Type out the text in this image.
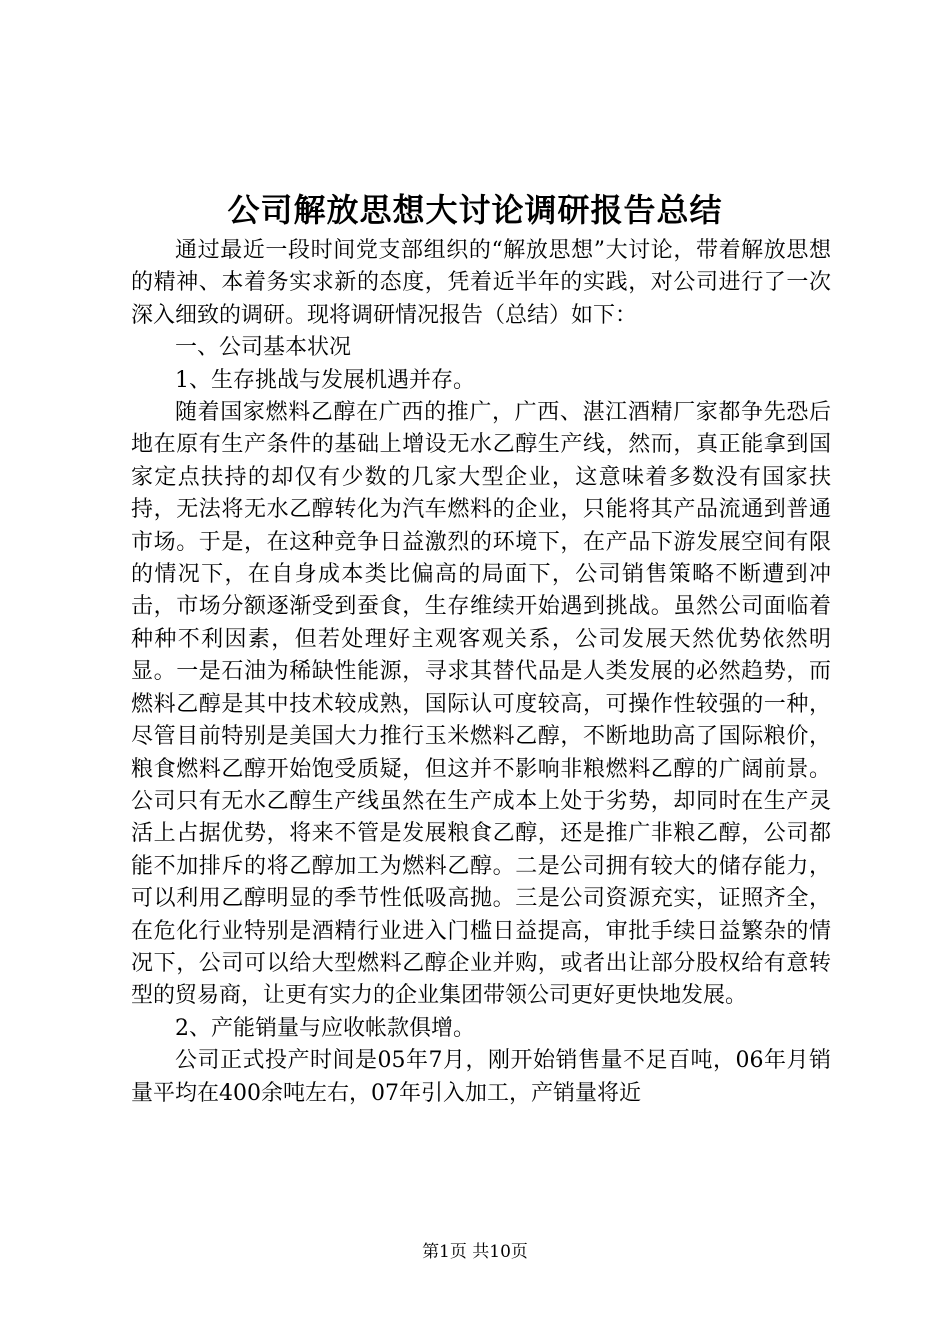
公司解放思想大讨论调研报告总结

通过最近一段时间党支部组织的“解放思想”大讨论，带着解放思想的精神、本着务实求新的态度，凭着近半年的实践，对公司进行了一次深入细致的调研。现将调研情况报告（总结）如下：

一、公司基本状况

1、生存挑战与发展机遇并存。

随着国家燃料乙醇在广西的推广，广西、湛江酒精厂家都争先恐后地在原有生产条件的基础上增设无水乙醇生产线，然而，真正能拿到国家定点扶持的却仅有少数的几家大型企业，这意味着多数没有国家扶持，无法将无水乙醇转化为汽车燃料的企业，只能将其产品流通到普通市场。于是，在这种竞争日益激烈的环境下，在产品下游发展空间有限的情况下，在自身成本类比偏高的局面下，公司销售策略不断遭到冲击，市场分额逐渐受到蚕食，生存维续开始遇到挑战。虽然公司面临着种种不利因素，但若处理好主观客观关系，公司发展天然优势依然明显。一是石油为稀缺性能源，寻求其替代品是人类发展的必然趋势，而燃料乙醇是其中技术较成熟，国际认可度较高，可操作性较强的一种，尽管目前特别是美国大力推行玉米燃料乙醇，不断地助高了国际粮价，粮食燃料乙醇开始饱受质疑，但这并不影响非粮燃料乙醇的广阔前景。公司只有无水乙醇生产线虽然在生产成本上处于劣势，却同时在生产灵活上占据优势，将来不管是发展粮食乙醇，还是推广非粮乙醇，公司都能不加排斥的将乙醇加工为燃料乙醇。二是公司拥有较大的储存能力，可以利用乙醇明显的季节性低吸高抛。三是公司资源充实，证照齐全，在危化行业特别是酒精行业进入门槛日益提高，审批手续日益繁杂的情况下，公司可以给大型燃料乙醇企业并购，或者出让部分股权给有意转型的贸易商，让更有实力的企业集团带领公司更好更快地发展。

2、产能销量与应收帐款俱增。

公司正式投产时间是05年7月，刚开始销售量不足百吨，06年月销量平均在400余吨左右，07年引入加工，产销量将近

第1页 共10页
